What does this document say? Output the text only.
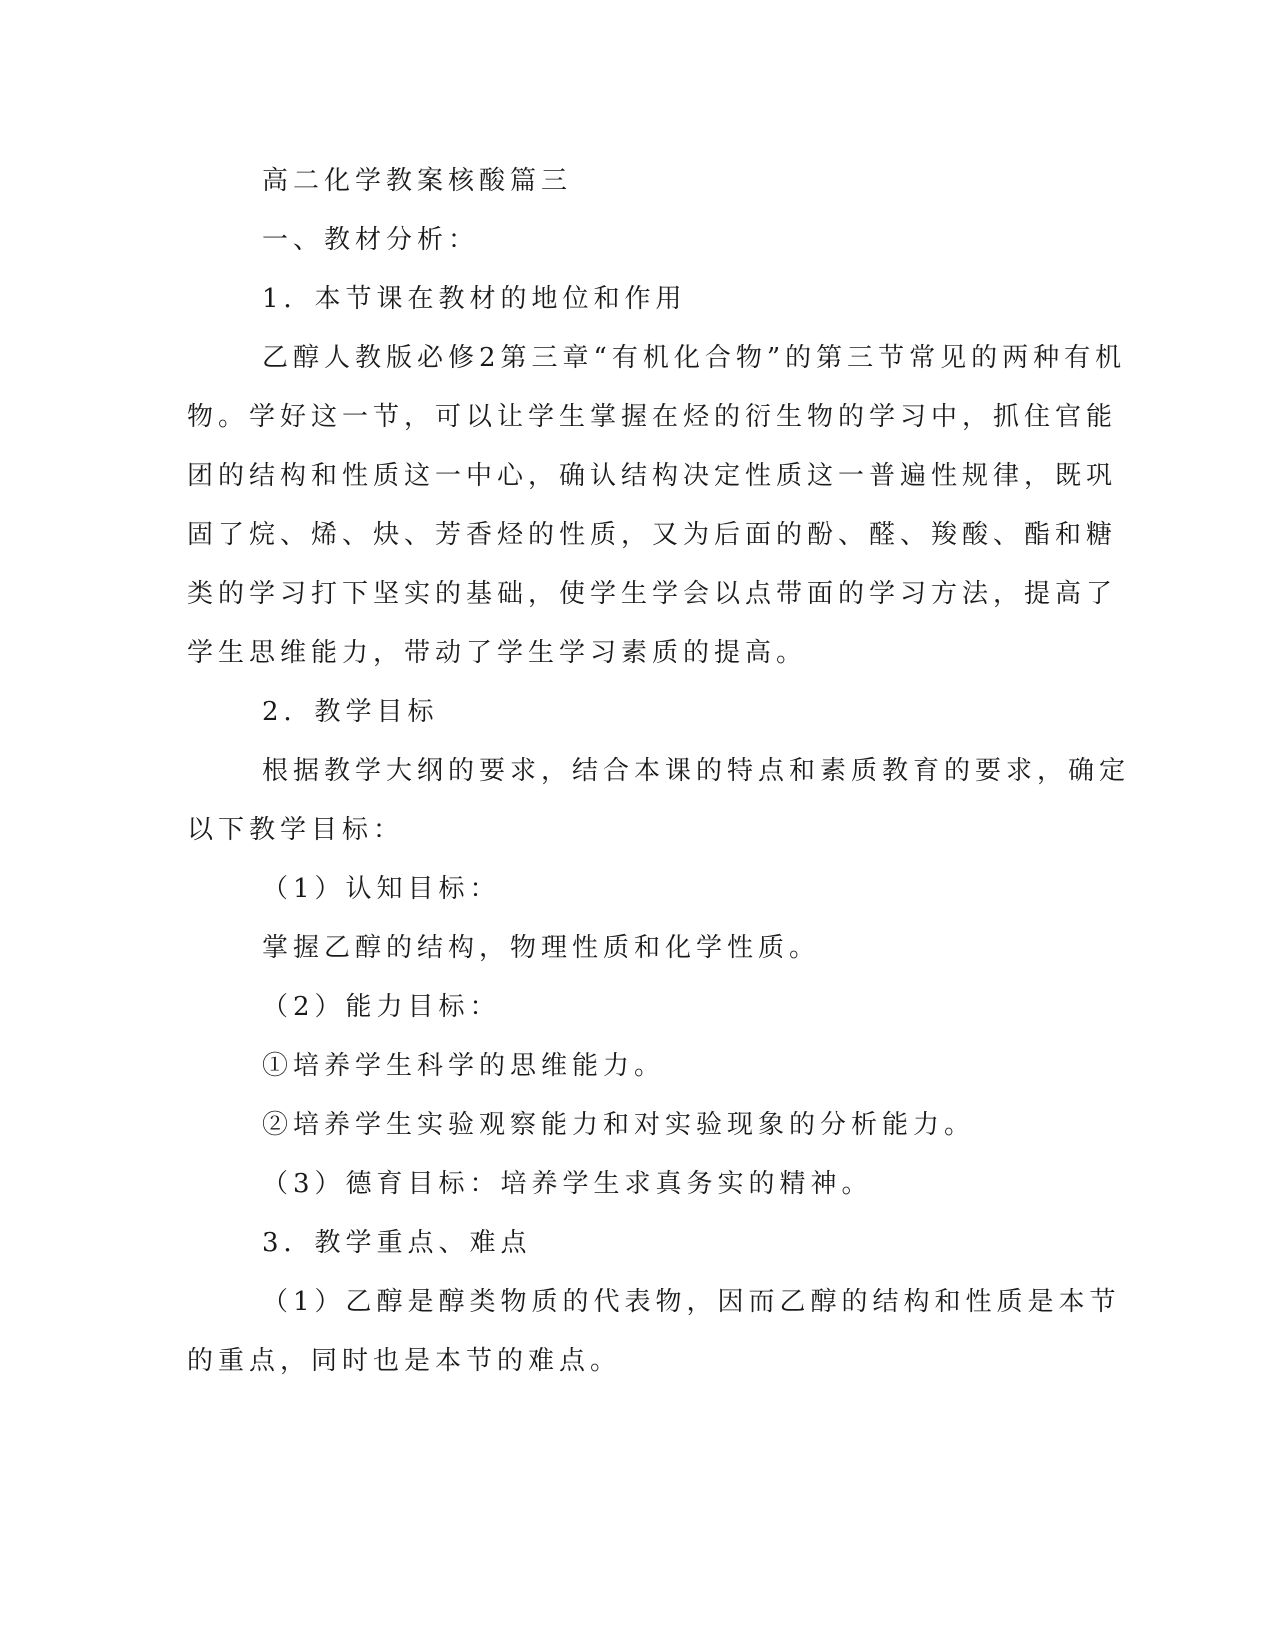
高二化学教案核酸篇三

一、教材分析：

1．本节课在教材的地位和作用

乙醇人教版必修2第三章“有机化合物”的第三节常见的两种有机

物。学好这一节，可以让学生掌握在烃的衍生物的学习中，抓住官能

团的结构和性质这一中心，确认结构决定性质这一普遍性规律，既巩

固了烷、烯、炔、芳香烃的性质，又为后面的酚、醛、羧酸、酯和糖

类的学习打下坚实的基础，使学生学会以点带面的学习方法，提高了

学生思维能力，带动了学生学习素质的提高。

2．教学目标

根据教学大纲的要求，结合本课的特点和素质教育的要求，确定

以下教学目标：

（1）认知目标：

掌握乙醇的结构，物理性质和化学性质。

（2）能力目标：

①培养学生科学的思维能力。

②培养学生实验观察能力和对实验现象的分析能力。

（3）德育目标：培养学生求真务实的精神。

3．教学重点、难点

（1）乙醇是醇类物质的代表物，因而乙醇的结构和性质是本节

的重点，同时也是本节的难点。
